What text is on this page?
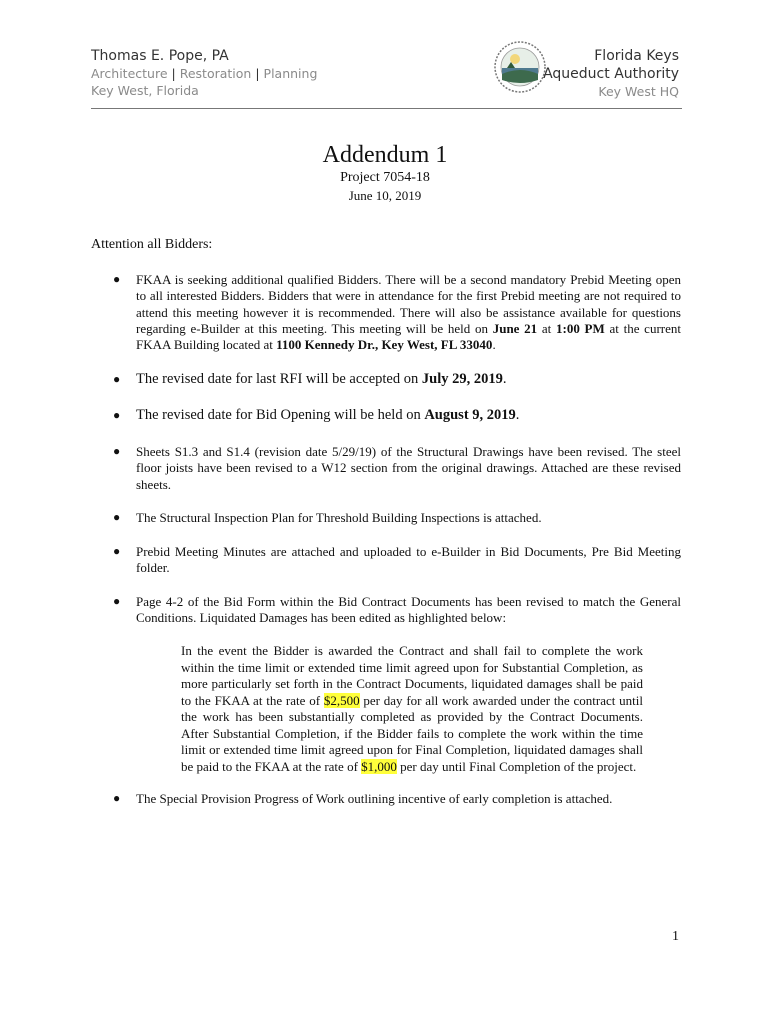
Thomas E. Pope, PA
Architecture | Restoration | Planning
Key West, Florida
Florida Keys
Aqueduct Authority
Key West HQ
Addendum 1
Project 7054-18
June 10, 2019
Attention all Bidders:
● FKAA is seeking additional qualified Bidders. There will be a second mandatory Prebid Meeting open to all interested Bidders. Bidders that were in attendance for the first Prebid meeting are not required to attend this meeting however it is recommended. There will also be assistance available for questions regarding e-Builder at this meeting. This meeting will be held on June 21 at 1:00 PM at the current FKAA Building located at 1100 Kennedy Dr., Key West, FL 33040.
● The revised date for last RFI will be accepted on July 29, 2019.
● The revised date for Bid Opening will be held on August 9, 2019.
● Sheets S1.3 and S1.4 (revision date 5/29/19) of the Structural Drawings have been revised. The steel floor joists have been revised to a W12 section from the original drawings. Attached are these revised sheets.
● The Structural Inspection Plan for Threshold Building Inspections is attached.
● Prebid Meeting Minutes are attached and uploaded to e-Builder in Bid Documents, Pre Bid Meeting folder.
● Page 4-2 of the Bid Form within the Bid Contract Documents has been revised to match the General Conditions. Liquidated Damages has been edited as highlighted below:
● The Special Provision Progress of Work outlining incentive of early completion is attached.
In the event the Bidder is awarded the Contract and shall fail to complete the work within the time limit or extended time limit agreed upon for Substantial Completion, as more particularly set forth in the Contract Documents, liquidated damages shall be paid to the FKAA at the rate of $2,500 per day for all work awarded under the contract until the work has been substantially completed as provided by the Contract Documents. After Substantial Completion, if the Bidder fails to complete the work within the time limit or extended time limit agreed upon for Final Completion, liquidated damages shall be paid to the FKAA at the rate of $1,000 per day until Final Completion of the project.
1
